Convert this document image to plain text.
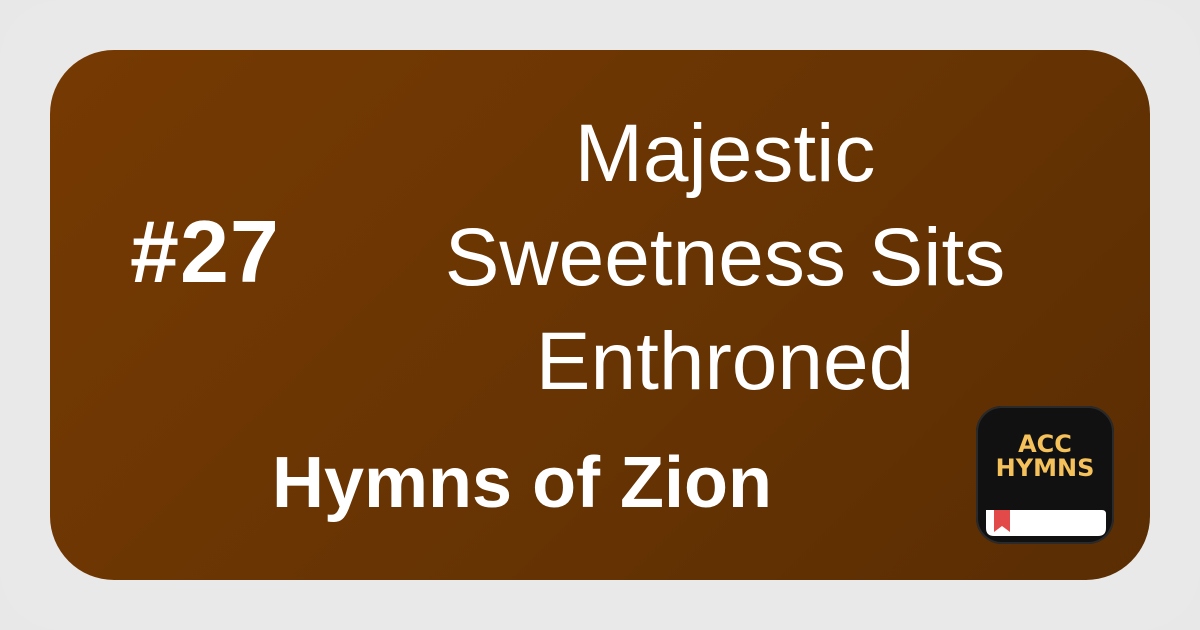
#27
Majestic
Sweetness Sits
Enthroned
Hymns of Zion	ACC
HYMNS
